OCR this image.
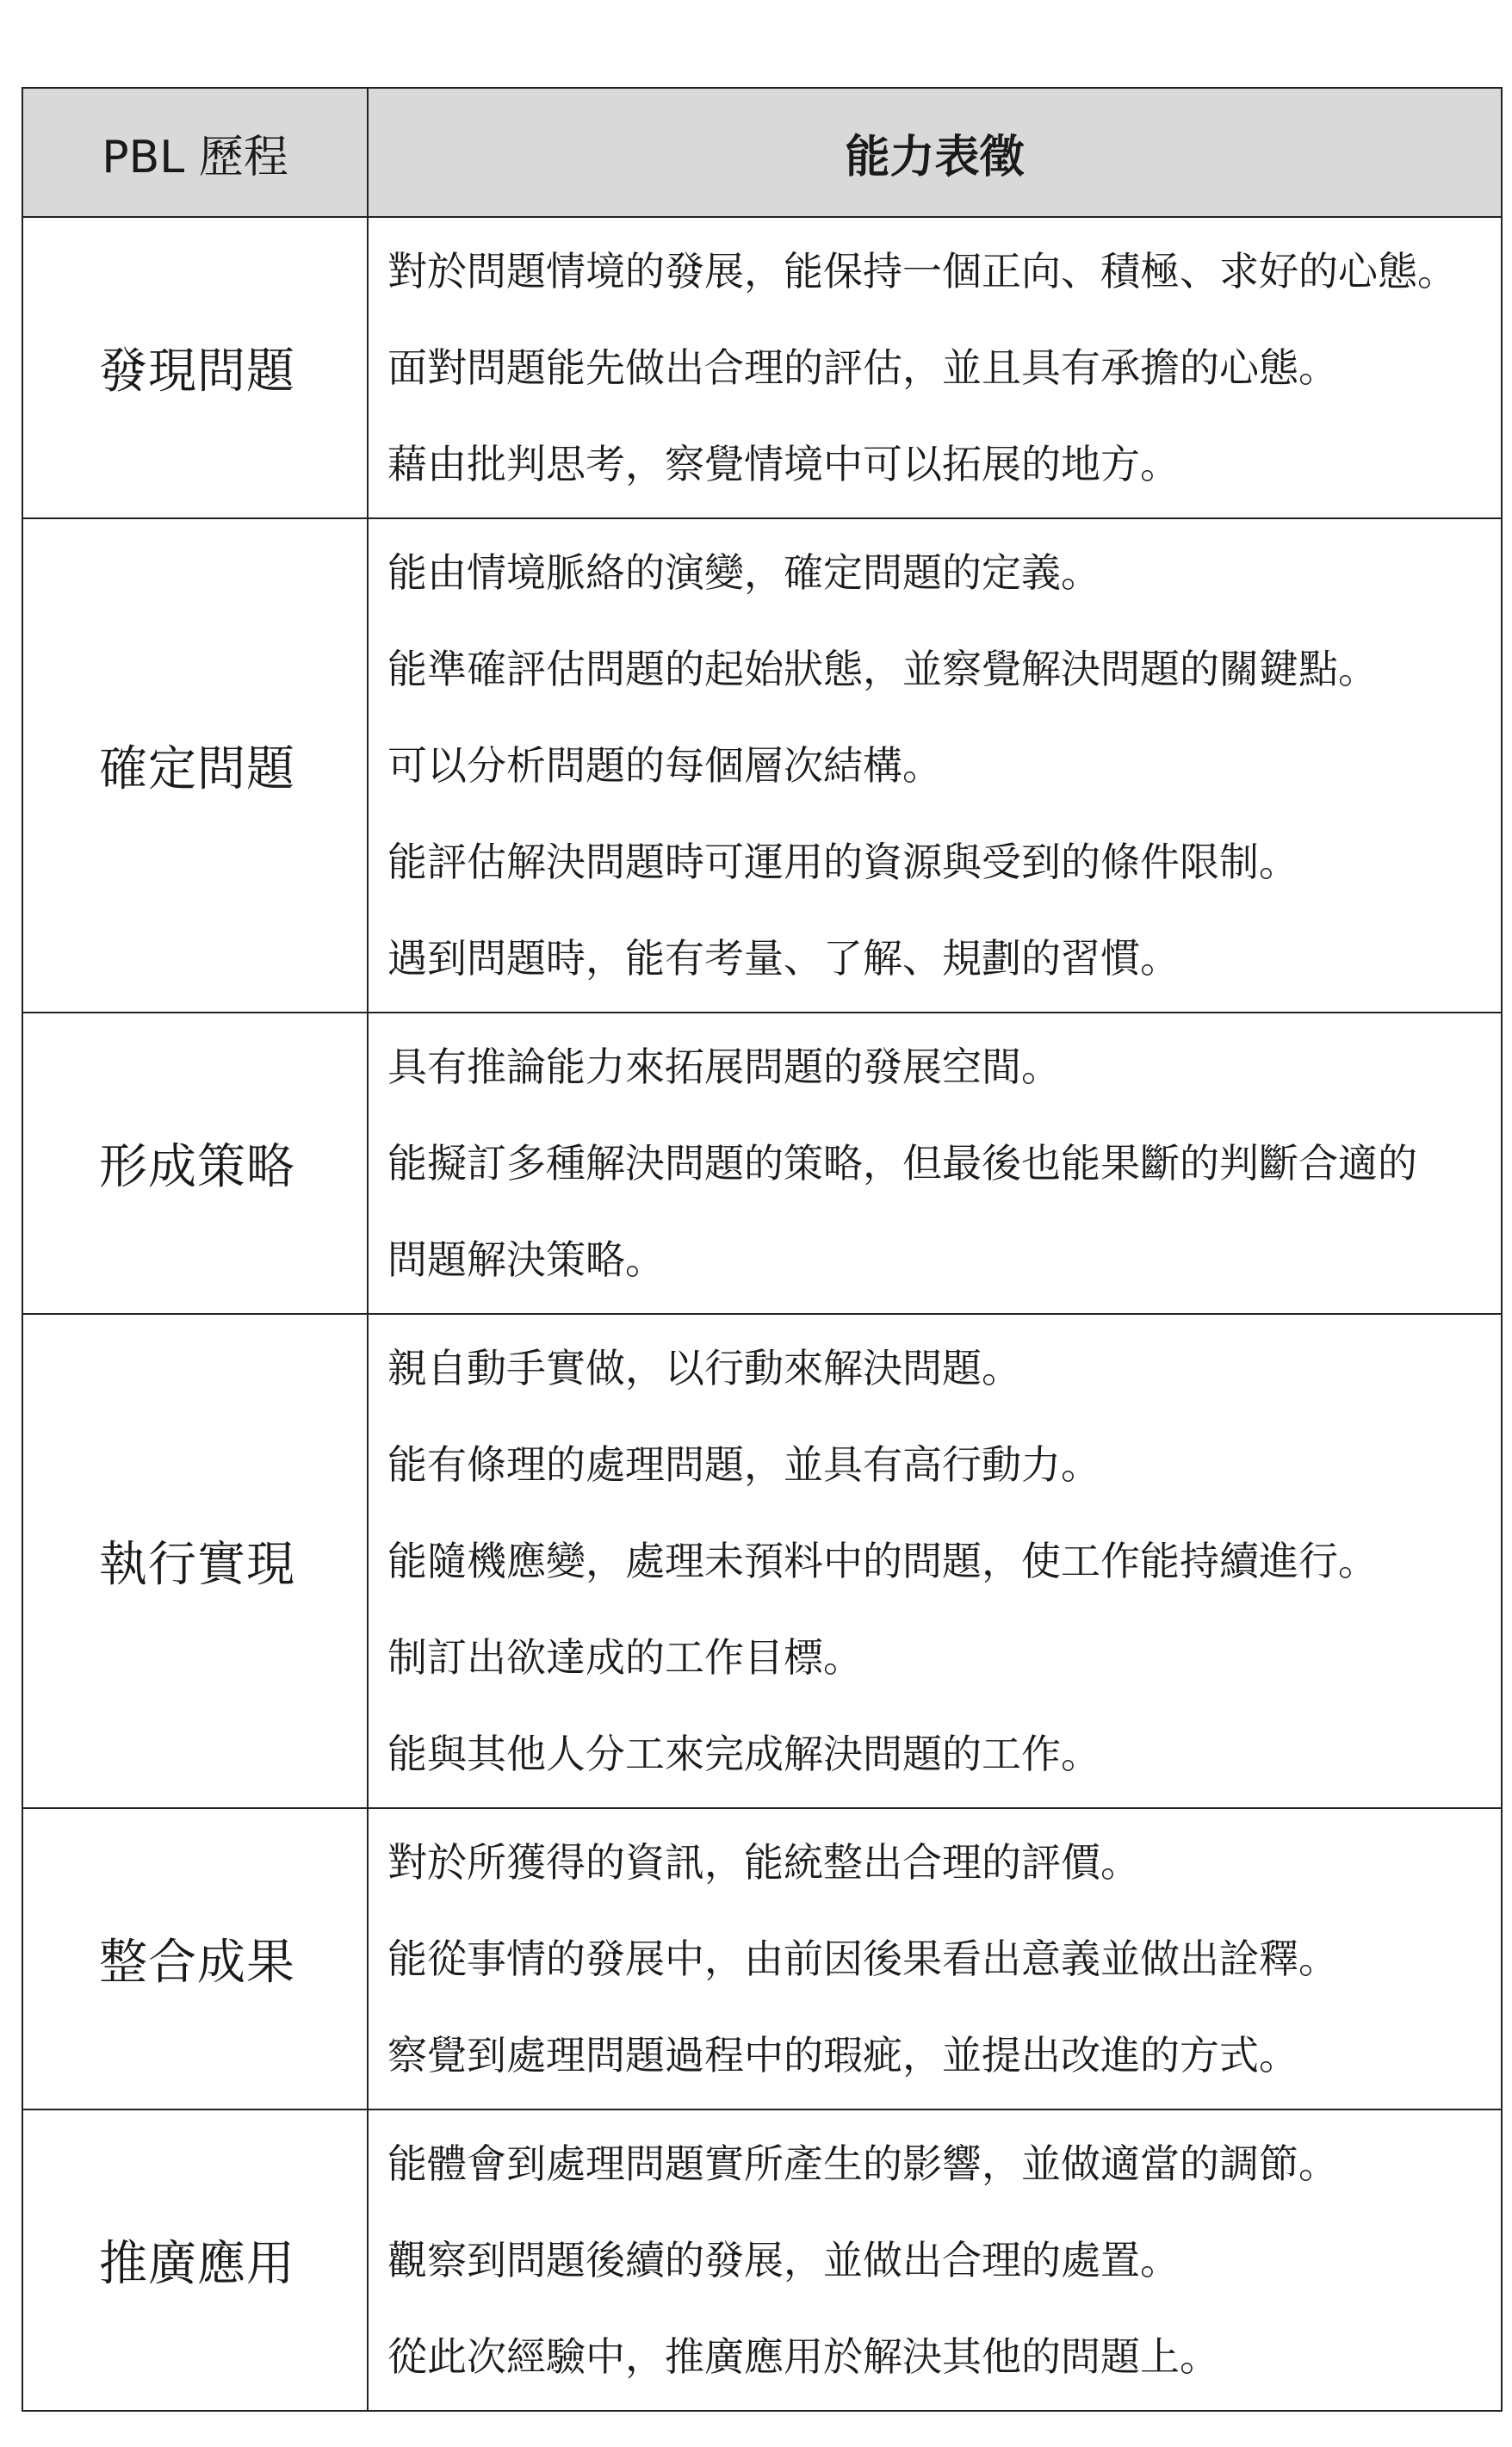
PBL 歷程	能力表徵
發現問題	對於問題情境的發展，能保持一個正向、積極、求好的心態。
面對問題能先做出合理的評估，並且具有承擔的心態。
藉由批判思考，察覺情境中可以拓展的地方。

確定問題	能由情境脈絡的演變，確定問題的定義。
能準確評估問題的起始狀態，並察覺解決問題的關鍵點。
可以分析問題的每個層次結構。
能評估解決問題時可運用的資源與受到的條件限制。
遇到問題時，能有考量、了解、規劃的習慣。

形成策略	具有推論能力來拓展問題的發展空間。
能擬訂多種解決問題的策略，但最後也能果斷的判斷合適的
問題解決策略。

執行實現	親自動手實做，以行動來解決問題。
能有條理的處理問題，並具有高行動力。
能隨機應變，處理未預料中的問題，使工作能持續進行。
制訂出欲達成的工作目標。
能與其他人分工來完成解決問題的工作。

整合成果	對於所獲得的資訊，能統整出合理的評價。
能從事情的發展中，由前因後果看出意義並做出詮釋。
察覺到處理問題過程中的瑕疵，並提出改進的方式。

推廣應用	能體會到處理問題實所產生的影響，並做適當的調節。
觀察到問題後續的發展，並做出合理的處置。
從此次經驗中，推廣應用於解決其他的問題上。
